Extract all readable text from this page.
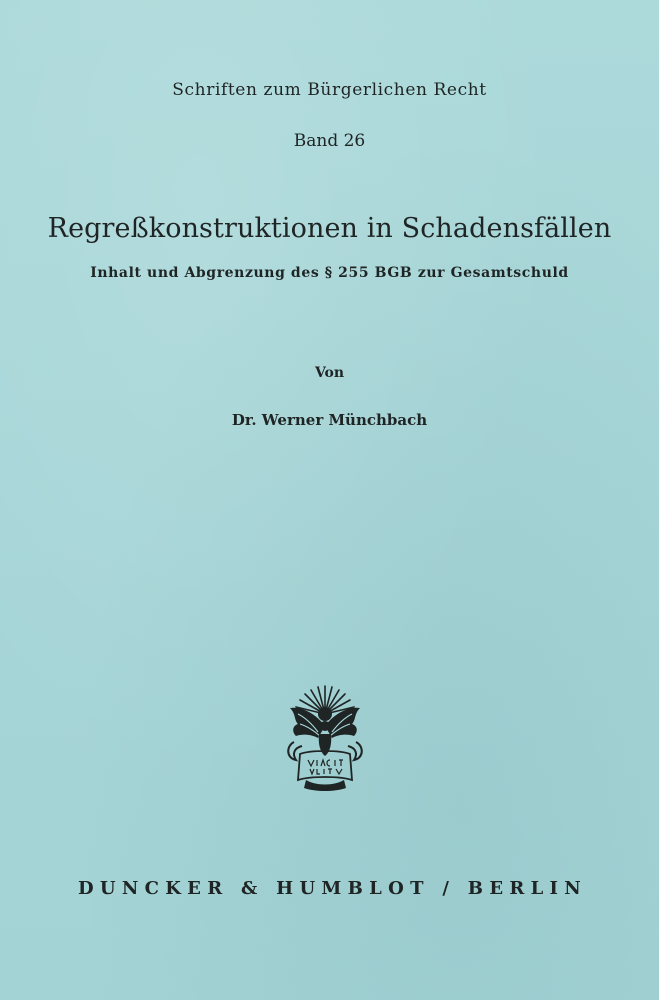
Schriften zum Bürgerlichen Recht
Band 26
Regreßkonstruktionen in Schadensfällen
Inhalt und Abgrenzung des § 255 BGB zur Gesamtschuld
Von
Dr. Werner Münchbach
DUNCKER & HUMBLOT / BERLIN
